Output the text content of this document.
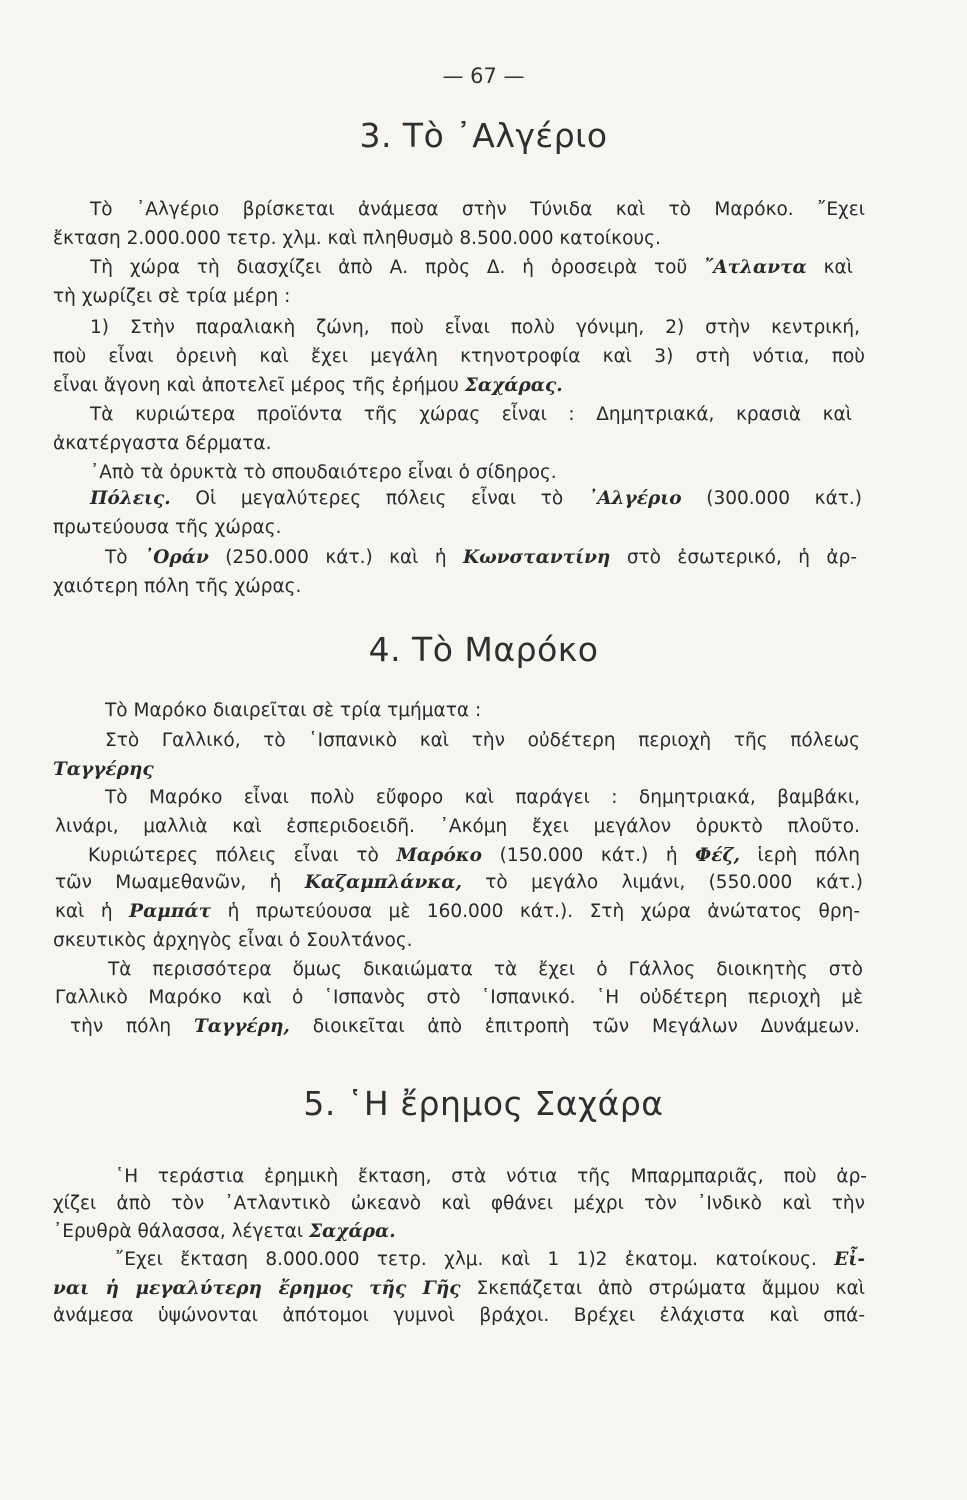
— 67 —
3. Τὸ ᾿Αλγέριο
Τὸ ᾿Αλγέριο βρίσκεται ἀνάμεσα στὴν Τύνιδα καὶ τὸ Μαρόκο. ῎Εχει
ἔκταση 2.000.000 τετρ. χλμ. καὶ πληθυσμὸ 8.500.000 κατοίκους.
Τὴ χώρα τὴ διασχίζει ἀπὸ Α. πρὸς Δ. ἡ ὀροσειρὰ τοῦ ῎Ατλαντα καὶ
τὴ χωρίζει σὲ τρία μέρη :
1) Στὴν παραλιακὴ ζώνη, ποὺ εἶναι πολὺ γόνιμη, 2) στὴν κεντρική,
ποὺ εἶναι ὀρεινὴ καὶ ἔχει μεγάλη κτηνοτροφία καὶ 3) στὴ νότια, ποὺ
εἶναι ἄγονη καὶ ἀποτελεῖ μέρος τῆς ἐρήμου Σαχάρας.
Τὰ κυριώτερα προϊόντα τῆς χώρας εἶναι : Δημητριακά, κρασιὰ καὶ
ἀκατέργαστα δέρματα.
᾿Απὸ τὰ ὀρυκτὰ τὸ σπουδαιότερο εἶναι ὁ σίδηρος.
Πόλεις. Οἱ μεγαλύτερες πόλεις εἶναι τὸ ᾿Αλγέριο (300.000 κάτ.)
πρωτεύουσα τῆς χώρας.
Τὸ ᾿Οράν (250.000 κάτ.) καὶ ἡ Κωνσταντίνη στὸ ἐσωτερικό, ἡ ἀρ-
χαιότερη πόλη τῆς χώρας.
4. Τὸ Μαρόκο
Τὸ Μαρόκο διαιρεῖται σὲ τρία τμήματα :
Στὸ Γαλλικό, τὸ ῾Ισπανικὸ καὶ τὴν οὐδέτερη περιοχὴ τῆς πόλεως
Ταγγέρης
Τὸ Μαρόκο εἶναι πολὺ εὔφορο καὶ παράγει : δημητριακά, βαμβάκι,
λινάρι, μαλλιὰ καὶ ἐσπεριδοειδῆ. ᾿Ακόμη ἔχει μεγάλον ὀρυκτὸ πλοῦτο.
Κυριώτερες πόλεις εἶναι τὸ Μαρόκο (150.000 κάτ.) ἡ Φέζ, ἱερὴ πόλη
τῶν Μωαμεθανῶν, ἡ Καζαμπλάνκα, τὸ μεγάλο λιμάνι, (550.000 κάτ.)
καὶ ἡ Ραμπάτ ἡ πρωτεύουσα μὲ 160.000 κάτ.). Στὴ χώρα ἀνώτατος θρη-
σκευτικὸς ἀρχηγὸς εἶναι ὁ Σουλτάνος.
Τὰ περισσότερα ὅμως δικαιώματα τὰ ἔχει ὁ Γάλλος διοικητὴς στὸ
Γαλλικὸ Μαρόκο καὶ ὁ ῾Ισπανὸς στὸ ῾Ισπανικό. ῾Η οὐδέτερη περιοχὴ μὲ
τὴν πόλη Ταγγέρη, διοικεῖται ἀπὸ ἐπιτροπὴ τῶν Μεγάλων Δυνάμεων.
5. ῾Η ἔρημος Σαχάρα
῾Η τεράστια ἐρημικὴ ἔκταση, στὰ νότια τῆς Μπαρμπαριᾶς, ποὺ ἀρ-
χίζει ἀπὸ τὸν ᾿Ατλαντικὸ ὠκεανὸ καὶ φθάνει μέχρι τὸν ᾿Ινδικὸ καὶ τὴν
᾿Ερυθρὰ θάλασσα, λέγεται Σαχάρα.
῎Εχει ἔκταση 8.000.000 τετρ. χλμ. καὶ 1 1)2 ἑκατομ. κατοίκους. Εἶ-
ναι ἡ μεγαλύτερη ἔρημος τῆς Γῆς Σκεπάζεται ἀπὸ στρώματα ἄμμου καὶ
ἀνάμεσα ὑψώνονται ἀπότομοι γυμνοὶ βράχοι. Βρέχει ἐλάχιστα καὶ σπά-
